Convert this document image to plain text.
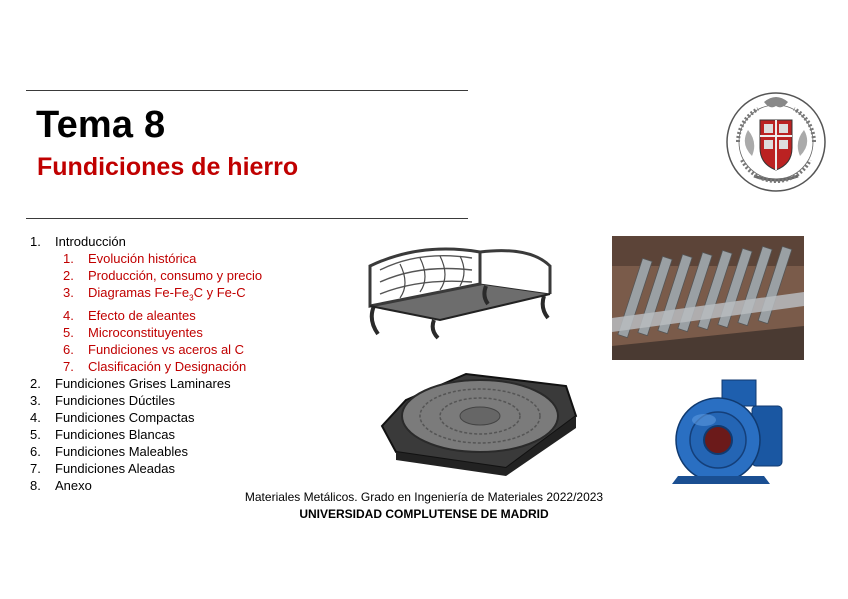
Tema 8
Fundiciones de hierro
1.	Introducción
1.	Evolución histórica
2.	Producción, consumo y precio
3.	Diagramas $Fe-Fe_3C$ y Fe-C
4.	Efecto de aleantes
5.	Microconstituyentes
6.	Fundiciones vs aceros al C
7.	Clasificación y Designación
2.	Fundiciones Grises Laminares
3.	Fundiciones Dúctiles
4.	Fundiciones Compactas
5.	Fundiciones Blancas
6.	Fundiciones Maleables
7.	Fundiciones Aleadas
8.	Anexo
Materiales Metálicos. Grado en Ingeniería de Materiales 2022/2023
UNIVERSIDAD COMPLUTENSE DE MADRID
